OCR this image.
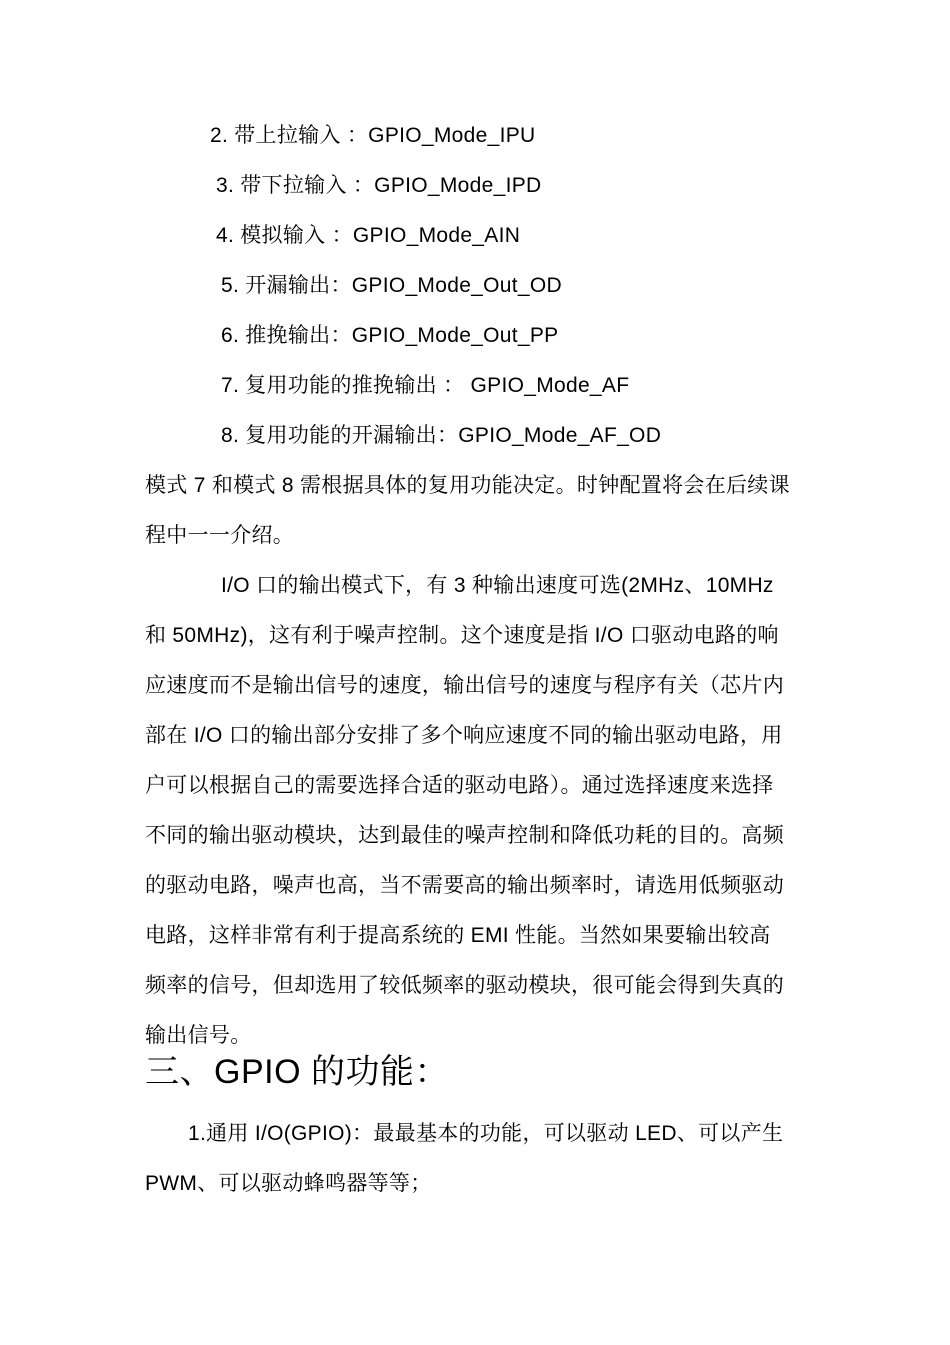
2. 带上拉输入 ：GPIO_Mode_IPU
3. 带下拉输入 ：GPIO_Mode_IPD
4. 模拟输入 ：GPIO_Mode_AIN
5. 开漏输出：GPIO_Mode_Out_OD
6. 推挽输出：GPIO_Mode_Out_PP
7. 复用功能的推挽输出 ： GPIO_Mode_AF
8. 复用功能的开漏输出：GPIO_Mode_AF_OD
模式 7 和模式 8 需根据具体的复用功能决定。时钟配置将会在后续课
程中一一介绍。
I/O 口的输出模式下，有 3 种输出速度可选(2MHz、10MHz
和 50MHz)，这有利于噪声控制。这个速度是指 I/O 口驱动电路的响
应速度而不是输出信号的速度，输出信号的速度与程序有关（芯片内
部在 I/O 口的输出部分安排了多个响应速度不同的输出驱动电路，用
户可以根据自己的需要选择合适的驱动电路）。通过选择速度来选择
不同的输出驱动模块，达到最佳的噪声控制和降低功耗的目的。高频
的驱动电路，噪声也高，当不需要高的输出频率时，请选用低频驱动
电路，这样非常有利于提高系统的 EMI 性能。当然如果要输出较高
频率的信号，但却选用了较低频率的驱动模块，很可能会得到失真的
输出信号。
三、GPIO 的功能：
1.通用 I/O(GPIO)：最最基本的功能，可以驱动 LED、可以产生
PWM、可以驱动蜂鸣器等等；
